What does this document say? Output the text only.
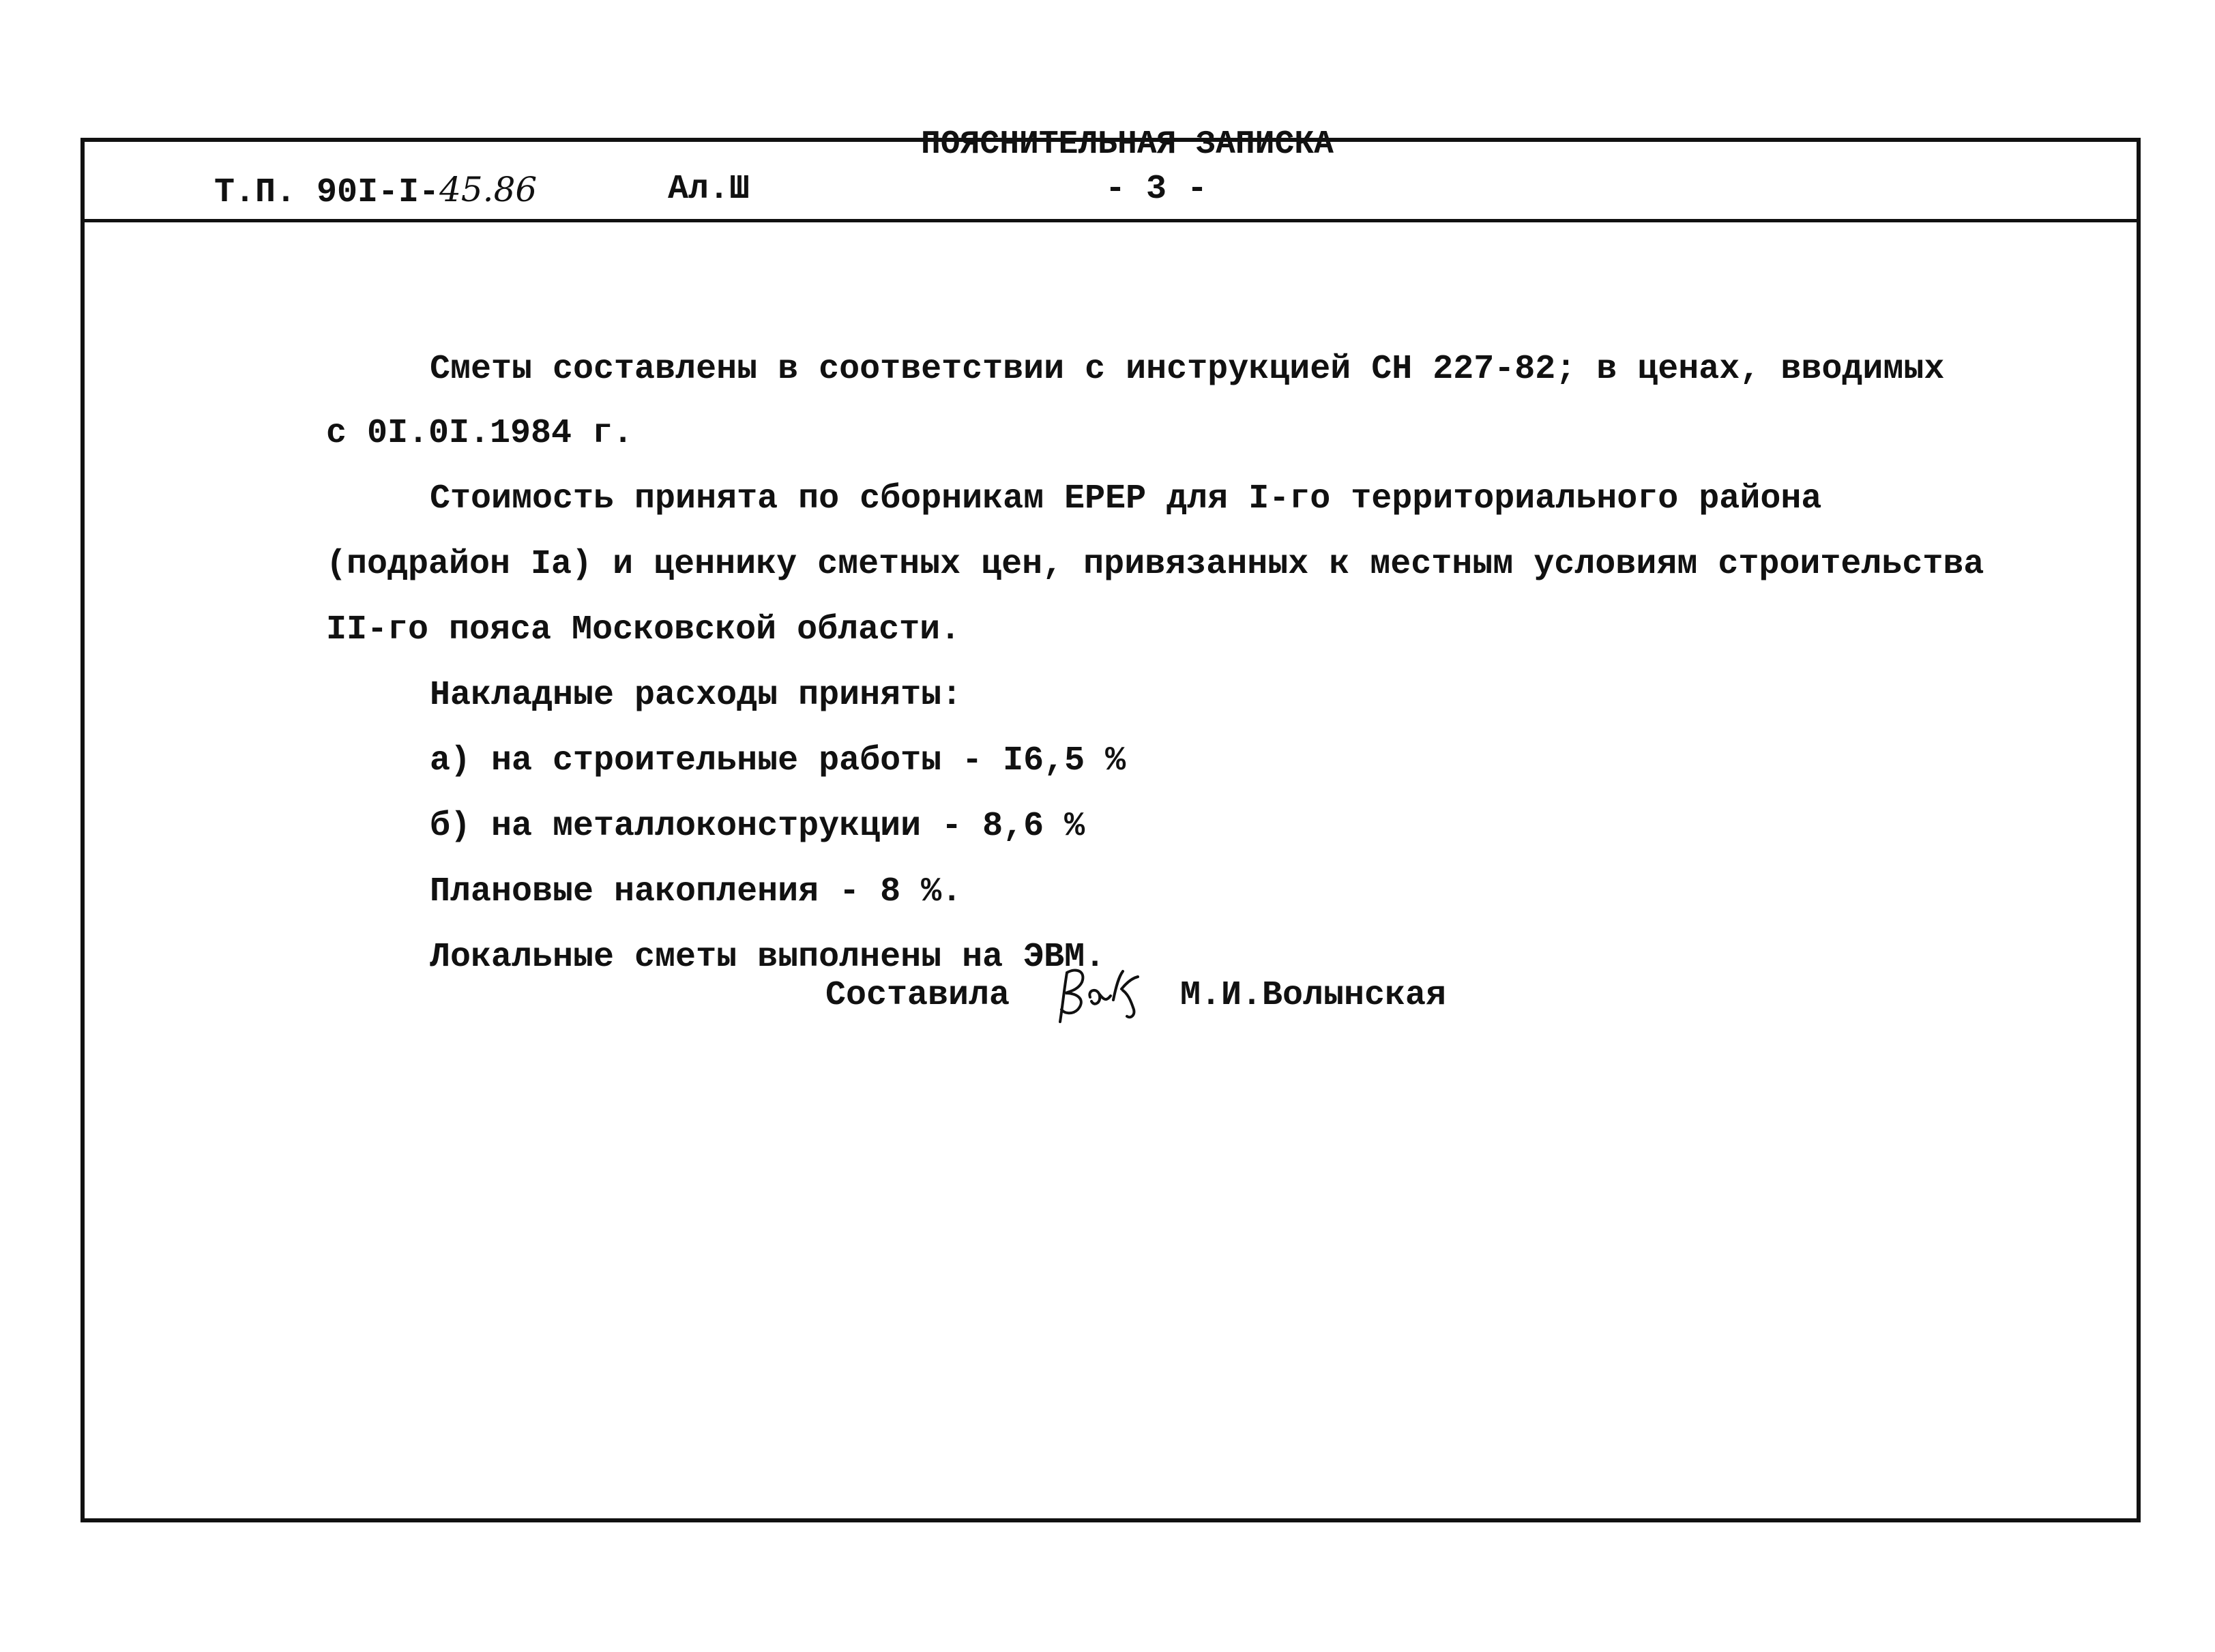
Т.П. 90I-I-45.86	Ал.Ш	- 3 -
ПОЯСНИТЕЛЬНАЯ ЗАПИСКА
Сметы составлены в соответствии с инструкцией СН 227-82; в ценах, вводимых
с 0I.0I.1984 г.
Стоимость принята по сборникам ЕРЕР для I-го территориального района
(подрайон Iа) и ценнику сметных цен, привязанных к местным условиям строительства
II-го пояса Московской области.
Накладные расходы приняты:
а) на строительные работы - I6,5 %
б) на металлоконструкции - 8,6 %
Плановые накопления - 8 %.
Локальные сметы выполнены на ЭВМ.
Составила	М.И.Волынская
